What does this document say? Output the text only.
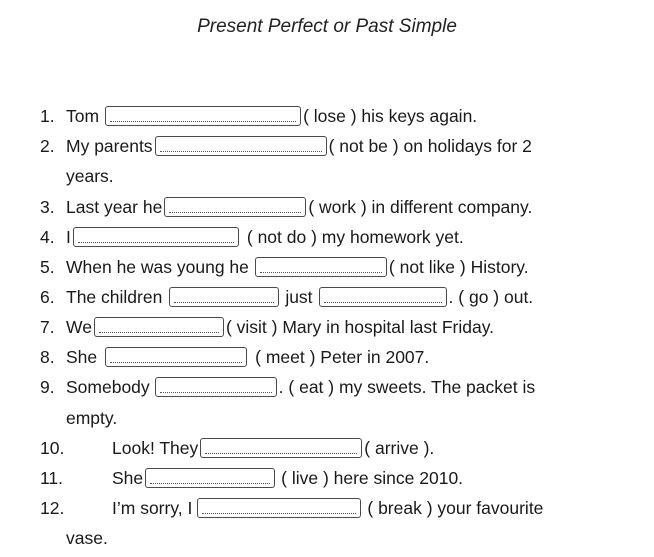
Present Perfect or Past Simple
1. Tom	( lose ) his keys again.
2. My parents	( not be ) on holidays for 2
years.
3. Last year he	( work ) in different company.
4. I	( not do ) my homework yet.
5. When he was young he	( not like ) History.
6. The children	just	. ( go ) out.
7. We	( visit ) Mary in hospital last Friday.
8. She	( meet ) Peter in 2007.
9. Somebody	. ( eat ) my sweets. The packet is
empty.
10.	Look! They	( arrive ).
11.	She	( live ) here since 2010.
12.	I’m sorry, I	( break ) your favourite
vase.
